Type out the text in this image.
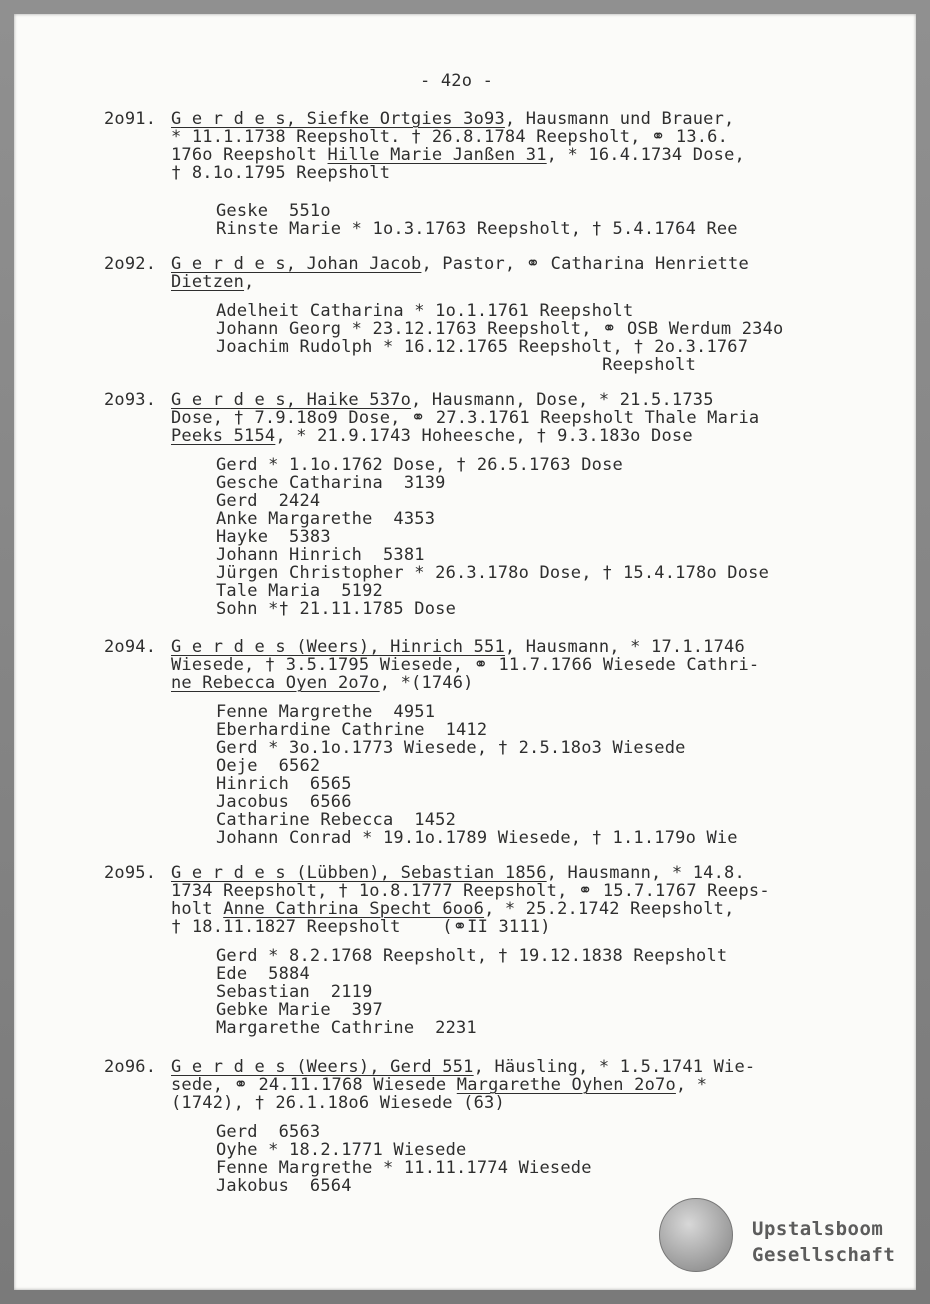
- 42o -
2o91. G e r d e s, Siefke Ortgies 3o93, Hausmann und Brauer,
* 11.1.1738 Reepsholt. † 26.8.1784 Reepsholt, ⚭ 13.6.
176o Reepsholt Hille Marie Janßen 31, * 16.4.1734 Dose,
† 8.1o.1795 Reepsholt
Geske  551o
Rinste Marie * 1o.3.1763 Reepsholt, † 5.4.1764 Ree
2o92. G e r d e s, Johan Jacob, Pastor, ⚭ Catharina Henriette
Dietzen,
Adelheit Catharina * 1o.1.1761 Reepsholt
Johann Georg * 23.12.1763 Reepsholt, ⚭ OSB Werdum 234o
Joachim Rudolph * 16.12.1765 Reepsholt, † 2o.3.1767
Reepsholt
2o93. G e r d e s, Haike 537o, Hausmann, Dose, * 21.5.1735
Dose, † 7.9.18o9 Dose, ⚭ 27.3.1761 Reepsholt Thale Maria
Peeks 5154, * 21.9.1743 Hoheesche, † 9.3.183o Dose
Gerd * 1.1o.1762 Dose, † 26.5.1763 Dose
Gesche Catharina  3139
Gerd  2424
Anke Margarethe  4353
Hayke  5383
Johann Hinrich  5381
Jürgen Christopher * 26.3.178o Dose, † 15.4.178o Dose
Tale Maria  5192
Sohn *† 21.11.1785 Dose
2o94. G e r d e s (Weers), Hinrich 551, Hausmann, * 17.1.1746
Wiesede, † 3.5.1795 Wiesede, ⚭ 11.7.1766 Wiesede Cathri-
ne Rebecca Oyen 2o7o, *(1746)
Fenne Margrethe  4951
Eberhardine Cathrine  1412
Gerd * 3o.1o.1773 Wiesede, † 2.5.18o3 Wiesede
Oeje  6562
Hinrich  6565
Jacobus  6566
Catharine Rebecca  1452
Johann Conrad * 19.1o.1789 Wiesede, † 1.1.179o Wie
2o95. G e r d e s (Lübben), Sebastian 1856, Hausmann, * 14.8.
1734 Reepsholt, † 1o.8.1777 Reepsholt, ⚭ 15.7.1767 Reeps-
holt Anne Cathrina Specht 6oo6, * 25.2.1742 Reepsholt,
† 18.11.1827 Reepsholt    (⚭II 3111)
Gerd * 8.2.1768 Reepsholt, † 19.12.1838 Reepsholt
Ede  5884
Sebastian  2119
Gebke Marie  397
Margarethe Cathrine  2231
2o96. G e r d e s (Weers), Gerd 551, Häusling, * 1.5.1741 Wie-
sede, ⚭ 24.11.1768 Wiesede Margarethe Oyhen 2o7o, *
(1742), † 26.1.18o6 Wiesede (63)
Gerd  6563
Oyhe * 18.2.1771 Wiesede
Fenne Margrethe * 11.11.1774 Wiesede
Jakobus  6564
Upstalsboom
Gesellschaft
